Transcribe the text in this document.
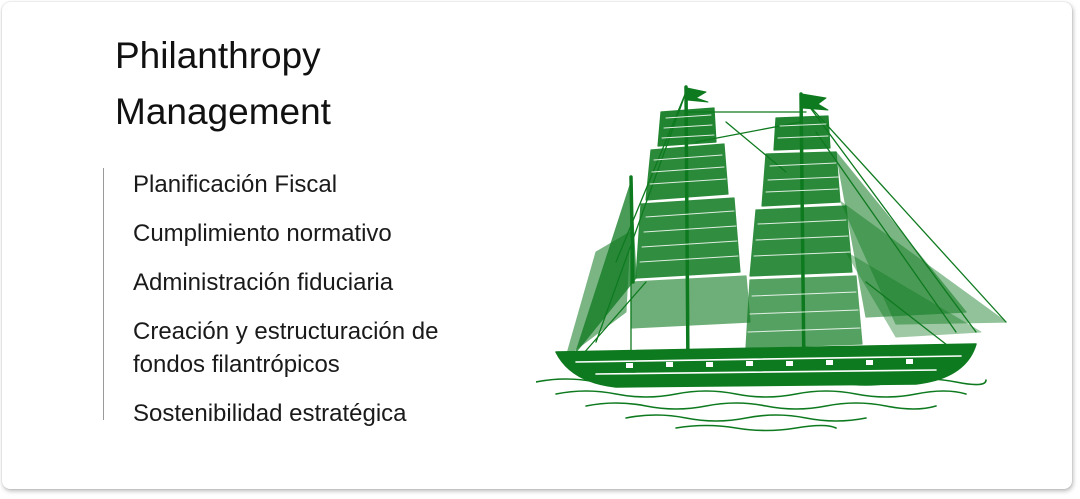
Philanthropy
Management
Planificación Fiscal
Cumplimiento normativo
Administración fiduciaria
Creación y estructuración de fondos filantrópicos
Sostenibilidad estratégica
